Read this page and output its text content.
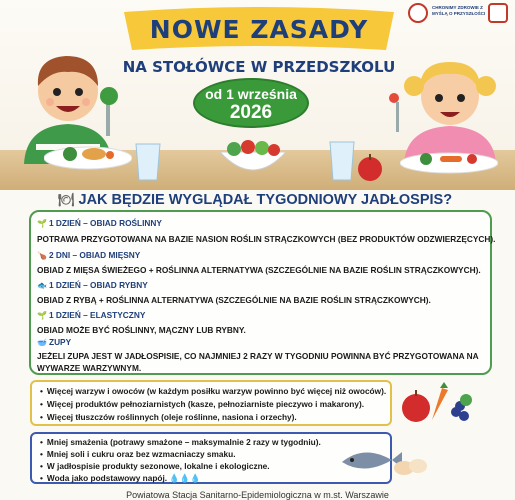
NOWE ZASADY
NA STOŁÓWCE W PRZEDSZKOLU
od 1 września
2026
CHRONIMY ZDROWIE Z MYŚLĄ O PRZYSZŁOŚCI
🍽 JAK BĘDZIE WYGLĄDAŁ TYGODNIOWY JADŁOSPIS?
🌱 1 DZIEŃ – OBIAD ROŚLINNY
POTRAWA PRZYGOTOWANA NA BAZIE NASION ROŚLIN STRĄCZKOWYCH (BEZ PRODUKTÓW ODZWIERZĘCYCH).
🍗 2 DNI – OBIAD MIĘSNY
OBIAD Z MIĘSA ŚWIEŻEGO + ROŚLINNA ALTERNATYWA (SZCZEGÓLNIE NA BAZIE ROŚLIN STRĄCZKOWYCH).
🐟 1 DZIEŃ – OBIAD RYBNY
OBIAD Z RYBĄ + ROŚLINNA ALTERNATYWA (SZCZEGÓLNIE NA BAZIE ROŚLIN STRĄCZKOWYCH).
🌱 1 DZIEŃ – ELASTYCZNY
OBIAD MOŻE BYĆ ROŚLINNY, MĄCZNY LUB RYBNY.
🥣 ZUPY
JEŻELI ZUPA JEST W JADŁOSPISIE, CO NAJMNIEJ 2 RAZY W TYGODNIU POWINNA BYĆ PRZYGOTOWANA NA
WYWARZE WARZYWNYM.
• Więcej warzyw i owoców (w każdym posiłku warzyw powinno być więcej niż owoców).
• Więcej produktów pełnoziarnistych (kasze, pełnoziarniste pieczywo i makarony).
• Więcej tłuszczów roślinnych (oleje roślinne, nasiona i orzechy).
• Mniej smażenia (potrawy smażone – maksymalnie 2 razy w tygodniu).
• Mniej soli i cukru oraz bez wzmacniaczy smaku.
• W jadłospisie produkty sezonowe, lokalne i ekologiczne.
• Woda jako podstawowy napój. 💧💧💧
Powiatowa Stacja Sanitarno-Epidemiologiczna w m.st. Warszawie
